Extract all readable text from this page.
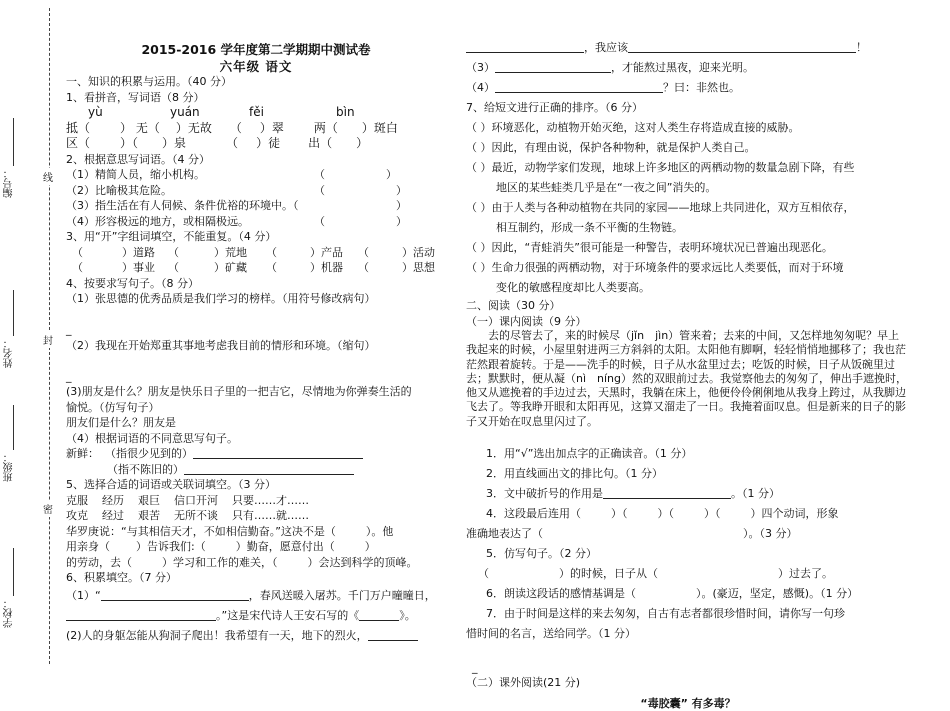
编号：
姓名：
班级：
学校：
线
封
密
2015-2016 学年度第二学期期中测试卷
六年级 语文
一、知识的积累与运用。（40 分）
1、看拼音，写词语（8 分）
yù	yuán	fěi	bìn
抵（	） 无（ ）无故 （ ）翠	两（ ）斑白
区（	）（ ）泉	（ ）徒 出（ ）
2、根据意思写词语。（4 分）
（1）精简人员，缩小机构。	（	）
（2）比喻极其危险。	（	）
（3）指生活在有人伺候、条件优裕的环境中。（	）
（4）形容极远的地方，或相隔极远。	（	）
3、用“开”字组词填空，不能重复。（4 分）
（	）道路 （	）荒地 （	）产品 （	）活动
（	）事业 （	）矿藏 （	）机器 （	）思想
4、按要求写句子。（8 分）
（1）张思德的优秀品质是我们学习的榜样。（用符号修改病句）
_
（2）我现在开始郑重其事地考虑我目前的情形和环境。（缩句）
_
(3)朋友是什么？朋友是快乐日子里的一把吉它，尽情地为你弹奏生活的
愉悦。（仿写句子）
朋友们是什么？朋友是
（4）根据词语的不同意思写句子。
新鲜： （指很少见到的）
（指不陈旧的）
5、选择合适的词语或关联词填空。（3 分）
克服 经历 艰巨 信口开河 只要……才……
攻克 经过 艰苦 无所不谈 只有……就……
华罗庚说：“与其相信天才，不如相信勤奋。”这决不是（	）。他
用亲身（ ）告诉我们:（	）勤奋，愿意付出（	）
的劳动，去（	）学习和工作的难关，（	）会达到科学的顶峰。
6、积累填空。（7 分）
（1）“	，春风送暖入屠苏。千门万户曈曈日，
。”这是宋代诗人王安石写的《	》。
(2)人的身躯怎能从狗洞子爬出！我希望有一天，地下的烈火，
，我应该	！
（3）	，才能熬过黑夜，迎来光明。
（4）	？曰：非然也。
7、给短文进行正确的排序。（6 分）
（ ）环境恶化，动植物开始灭绝，这对人类生存将造成直接的威胁。
（ ）因此，有理由说，保护各种物种，就是保护人类自己。
（ ）最近，动物学家们发现，地球上许多地区的两栖动物的数量急剧下降，有些
地区的某些蛙类几乎是在“一夜之间”消失的。
（ ）由于人类与各种动植物在共同的家园——地球上共同进化，双方互相依存，
相互制约，形成一条不平衡的生物链。
（ ）因此，“青蛙消失”很可能是一种警告，表明环境状况已普遍出现恶化。
（ ）生命力很强的两栖动物，对于环境条件的要求远比人类要低，而对于环境
变化的敏感程度却比人类要高。
二、阅读（30 分）
（一）课内阅读（9 分）
去的尽管去了，来的时候尽（jǐn　jìn）管来着；去来的中间，又怎样地匆匆呢？早上我起来的时候，小屋里射进两三方斜斜的太阳。太阳他有脚啊，轻轻悄悄地挪移了；我也茫茫然跟着旋转。于是——洗手的时候，日子从水盆里过去；吃饭的时候，日子从饭碗里过去；默默时，便从凝（nì　níng）然的双眼前过去。我觉察他去的匆匆了，伸出手遮挽时，他又从遮挽着的手边过去，天黑时，我躺在床上，他便伶伶俐俐地从我身上跨过，从我脚边飞去了。等我睁开眼和太阳再见，这算又溜走了一日。我掩着面叹息。但是新来的日子的影子又开始在叹息里闪过了。
1．用“√”选出加点字的正确读音。（1 分）
2．用直线画出文的排比句。（1 分）
3．文中破折号的作用是	。（1 分）
4．这段最后连用（	）（	）（	）（	）四个动词，形象
准确地表达了（	）。（3 分）
5．仿写句子。（2 分）
（	）的时候，日子从（	）过去了。
6．朗读这段话的感情基调是（	）。(豪迈，坚定，感慨)。（1 分）
7．由于时间是这样的来去匆匆，自古有志者都很珍惜时间，请你写一句珍
惜时间的名言，送给同学。（1 分）
_
（二）课外阅读(21 分)
“毒胶囊” 有多毒？
